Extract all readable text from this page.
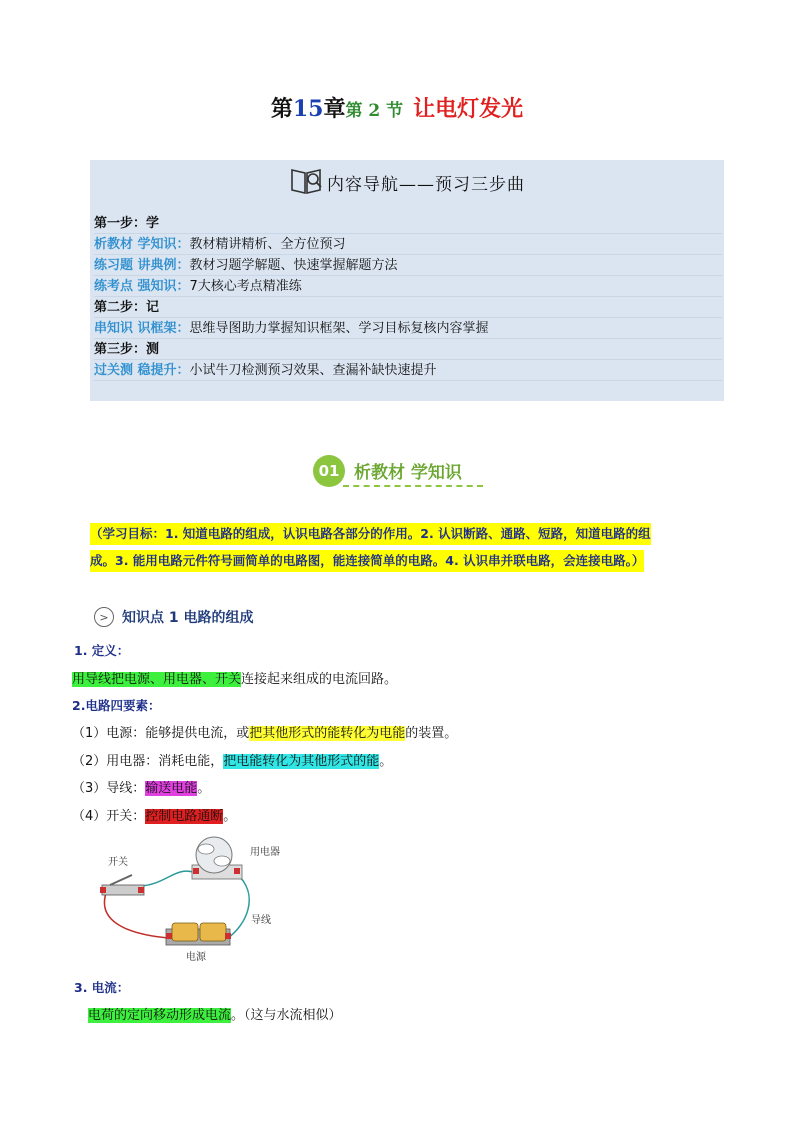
第15章第 2 节 让电灯发光
内容导航——预习三步曲
第一步：学
析教材 学知识：教材精讲精析、全方位预习
练习题 讲典例：教材习题学解题、快速掌握解题方法
练考点 强知识：7大核心考点精准练
第二步：记
串知识 识框架：思维导图助力掌握知识框架、学习目标复核内容掌握
第三步：测
过关测 稳提升：小试牛刀检测预习效果、查漏补缺快速提升
01 析教材 学知识
（学习目标：1. 知道电路的组成，认识电路各部分的作用。2. 认识断路、通路、短路，知道电路的组
成。3. 能用电路元件符号画简单的电路图，能连接简单的电路。4. 认识串并联电路，会连接电路。）
> 知识点 1 电路的组成
1. 定义：
用导线把电源、用电器、开关连接起来组成的电流回路。
2.电路四要素：
（1）电源：能够提供电流，或把其他形式的能转化为电能的装置。
（2）用电器：消耗电能，把电能转化为其他形式的能。
（3）导线：输送电能。
（4）开关：控制电路通断。
开关
用电器
导线
电源
3. 电流：
电荷的定向移动形成电流。（这与水流相似）
